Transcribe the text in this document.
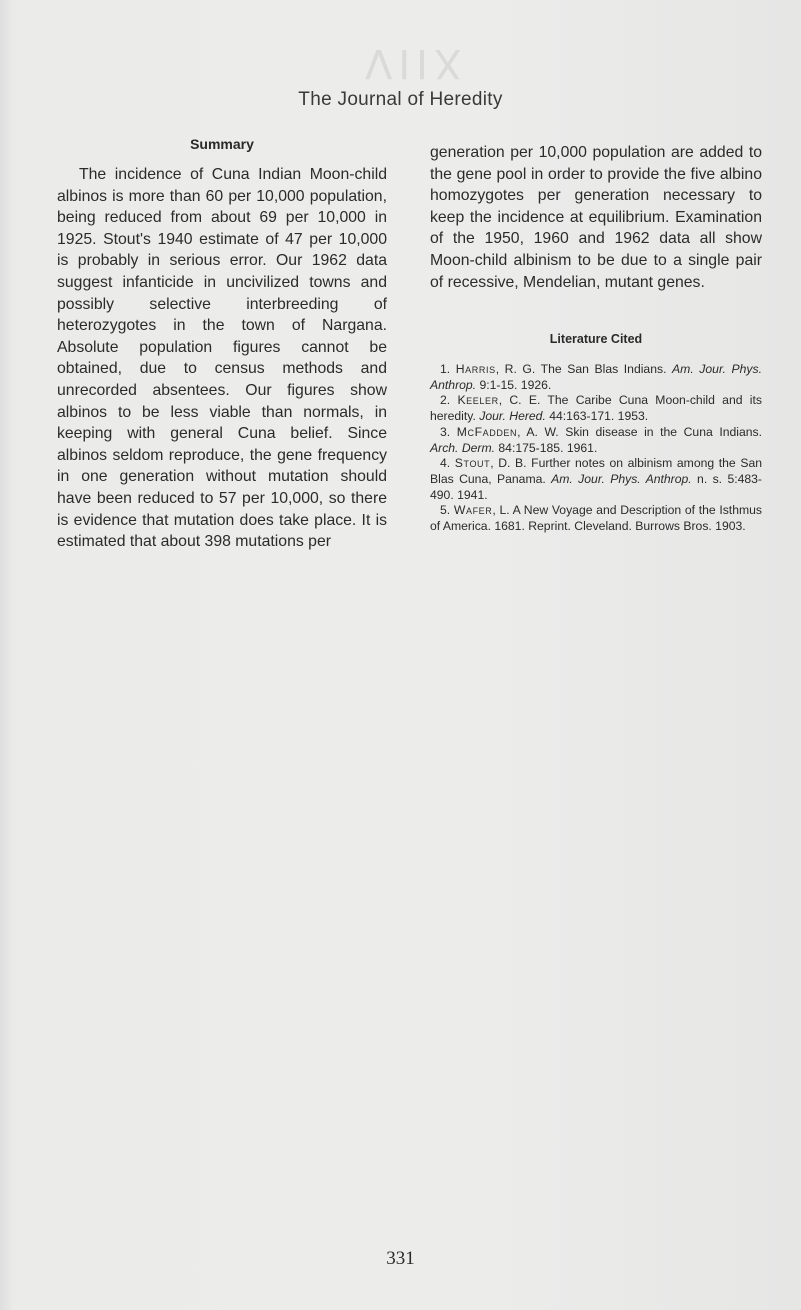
VIIX
The Journal of Heredity
Summary

The incidence of Cuna Indian Moon-child albinos is more than 60 per 10,000 population, being reduced from about 69 per 10,000 in 1925. Stout's 1940 estimate of 47 per 10,000 is probably in serious error. Our 1962 data suggest infanticide in uncivilized towns and possibly selective interbreeding of heterozygotes in the town of Nargana. Absolute population figures cannot be obtained, due to census methods and unrecorded absentees. Our figures show albinos to be less viable than normals, in keeping with general Cuna belief. Since albinos seldom reproduce, the gene frequency in one generation without mutation should have been reduced to 57 per 10,000, so there is evidence that mutation does take place. It is estimated that about 398 mutations per

generation per 10,000 population are added to the gene pool in order to provide the five albino homozygotes per generation necessary to keep the incidence at equilibrium. Examination of the 1950, 1960 and 1962 data all show Moon-child albinism to be due to a single pair of recessive, Mendelian, mutant genes.

Literature Cited
1. Harris, R. G. The San Blas Indians. Am. Jour. Phys. Anthrop. 9:1-15. 1926.
2. Keeler, C. E. The Caribe Cuna Moon-child and its heredity. Jour. Hered. 44:163-171. 1953.
3. McFadden, A. W. Skin disease in the Cuna Indians. Arch. Derm. 84:175-185. 1961.
4. Stout, D. B. Further notes on albinism among the San Blas Cuna, Panama. Am. Jour. Phys. Anthrop. n. s. 5:483-490. 1941.
5. Wafer, L. A New Voyage and Description of the Isthmus of America. 1681. Reprint. Cleveland. Burrows Bros. 1903.
331
